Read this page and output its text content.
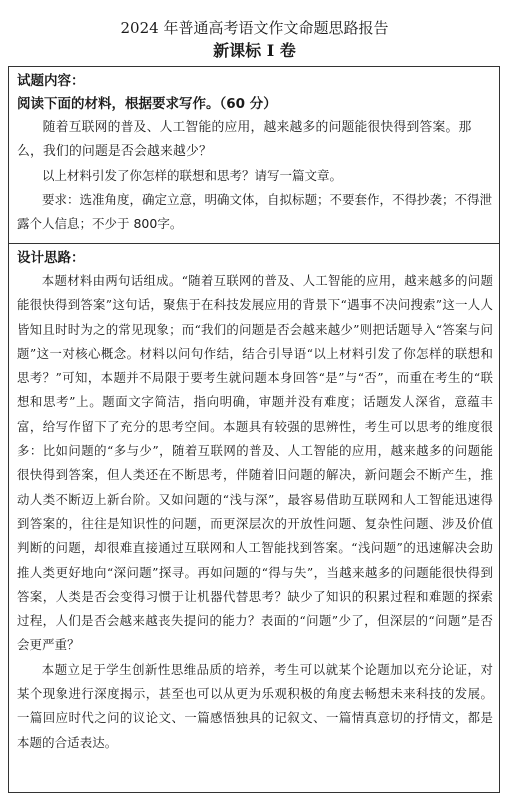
2024 年普通高考语文作文命题思路报告
新课标 I 卷
试题内容：
阅读下面的材料，根据要求写作。（60 分）

随着互联网的普及、人工智能的应用，越来越多的问题能很快得到答案。那么，我们的问题是否会越来越少？

以上材料引发了你怎样的联想和思考？请写一篇文章。

要求：选准角度，确定立意，明确文体，自拟标题；不要套作，不得抄袭；不得泄露个人信息；不少于 800字。

设计思路：

本题材料由两句话组成。“随着互联网的普及、人工智能的应用，越来越多的问题能很快得到答案”这句话，聚焦于在科技发展应用的背景下“遇事不决问搜索”这一人人皆知且时时为之的常见现象；而“我们的问题是否会越来越少”则把话题导入“答案与问题”这一对核心概念。材料以问句作结，结合引导语“以上材料引发了你怎样的联想和思考？”可知，本题并不局限于要考生就问题本身回答“是”与“否”，而重在考生的“联想和思考”上。题面文字简洁，指向明确，审题并没有难度；话题发人深省，意蕴丰富，给写作留下了充分的思考空间。本题具有较强的思辨性，考生可以思考的维度很多：比如问题的“多与少”，随着互联网的普及、人工智能的应用，越来越多的问题能很快得到答案，但人类还在不断思考，伴随着旧问题的解决，新问题会不断产生，推动人类不断迈上新台阶。又如问题的“浅与深”，最容易借助互联网和人工智能迅速得到答案的，往往是知识性的问题，而更深层次的开放性问题、复杂性问题、涉及价值判断的问题，却很难直接通过互联网和人工智能找到答案。“浅问题”的迅速解决会助推人类更好地向“深问题”探寻。再如问题的“得与失”，当越来越多的问题能很快得到答案，人类是否会变得习惯于让机器代替思考？缺少了知识的积累过程和难题的探索过程，人们是否会越来越丧失提问的能力？表面的“问题”少了，但深层的“问题”是否会更严重？

本题立足于学生创新性思维品质的培养，考生可以就某个论题加以充分论证，对某个现象进行深度揭示，甚至也可以从更为乐观积极的角度去畅想未来科技的发展。一篇回应时代之问的议论文、一篇感悟独具的记叙文、一篇情真意切的抒情文，都是本题的合适表达。
